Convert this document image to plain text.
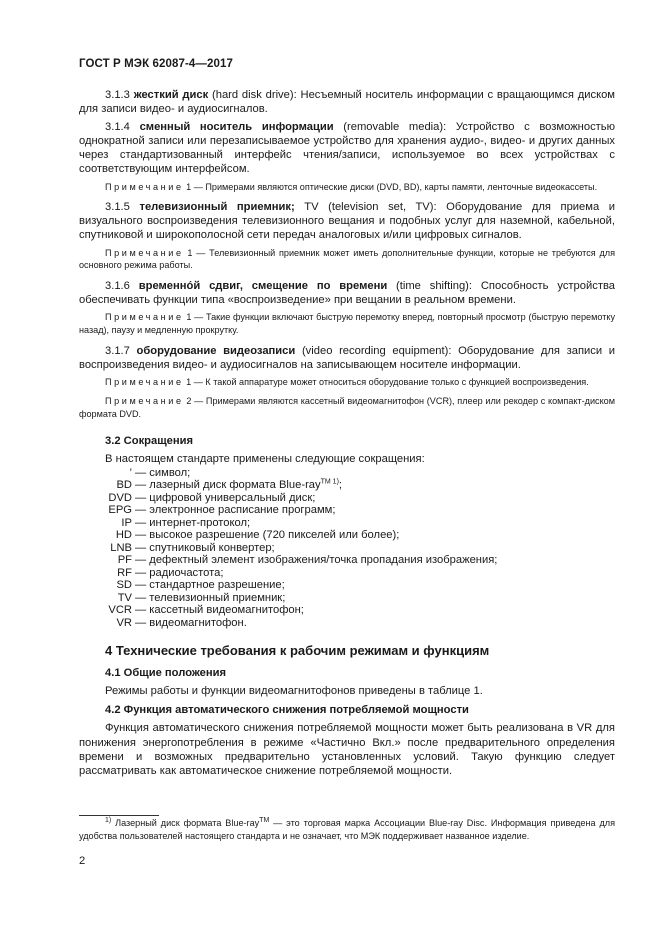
ГОСТ Р МЭК 62087-4—2017

3.1.3 жесткий диск (hard disk drive): Несъемный носитель информации с вращающимся диском для записи видео- и аудиосигналов.

3.1.4 сменный носитель информации (removable media): Устройство с возможностью однократной записи или перезаписываемое устройство для хранения аудио-, видео- и других данных через стандартизованный интерфейс чтения/записи, используемое во всех устройствах с соответствующим интерфейсом.

Примечание 1 — Примерами являются оптические диски (DVD, BD), карты памяти, ленточные видеокассеты.

3.1.5 телевизионный приемник; TV (television set, TV): Оборудование для приема и визуального воспроизведения телевизионного вещания и подобных услуг для наземной, кабельной, спутниковой и широкополосной сети передач аналоговых и/или цифровых сигналов.

Примечание 1 — Телевизионный приемник может иметь дополнительные функции, которые не требуются для основного режима работы.

3.1.6 временно́й сдвиг, смещение по времени (time shifting): Способность устройства обеспечивать функции типа «воспроизведение» при вещании в реальном времени.

Примечание 1 — Такие функции включают быструю перемотку вперед, повторный просмотр (быструю перемотку назад), паузу и медленную прокрутку.

3.1.7 оборудование видеозаписи (video recording equipment): Оборудование для записи и воспроизведения видео- и аудиосигналов на записывающем носителе информации.

Примечание 1 — К такой аппаратуре может относиться оборудование только с функцией воспроизведения.

Примечание 2 — Примерами являются кассетный видеомагнитофон (VCR), плеер или рекодер с компакт-диском формата DVD.

3.2 Сокращения

В настоящем стандарте применены следующие сокращения:

’ — символ;
BD — лазерный диск формата Blue-ray$^{TM 1)}$;
DVD — цифровой универсальный диск;
EPG — электронное расписание программ;
IP — интернет-протокол;
HD — высокое разрешение (720 пикселей или более);
LNB — спутниковый конвертер;
PF — дефектный элемент изображения/точка пропадания изображения;
RF — радиочастота;
SD — стандартное разрешение;
TV — телевизионный приемник;
VCR — кассетный видеомагнитофон;
VR — видеомагнитофон.
4 Технические требования к рабочим режимам и функциям
4.1 Общие положения

Режимы работы и функции видеомагнитофонов приведены в таблице 1.

4.2 Функция автоматического снижения потребляемой мощности

Функция автоматического снижения потребляемой мощности может быть реализована в VR для понижения энергопотребления в режиме «Частично Вкл.» после предварительного определения времени и возможных предварительно установленных условий. Такую функцию следует рассматривать как автоматическое снижение потребляемой мощности.

$^{1)}$ Лазерный диск формата Blue-ray™ — это торговая марка Ассоциации Blue-ray Disc. Информация приведена для удобства пользователей настоящего стандарта и не означает, что МЭК поддерживает названное изделие.

2
